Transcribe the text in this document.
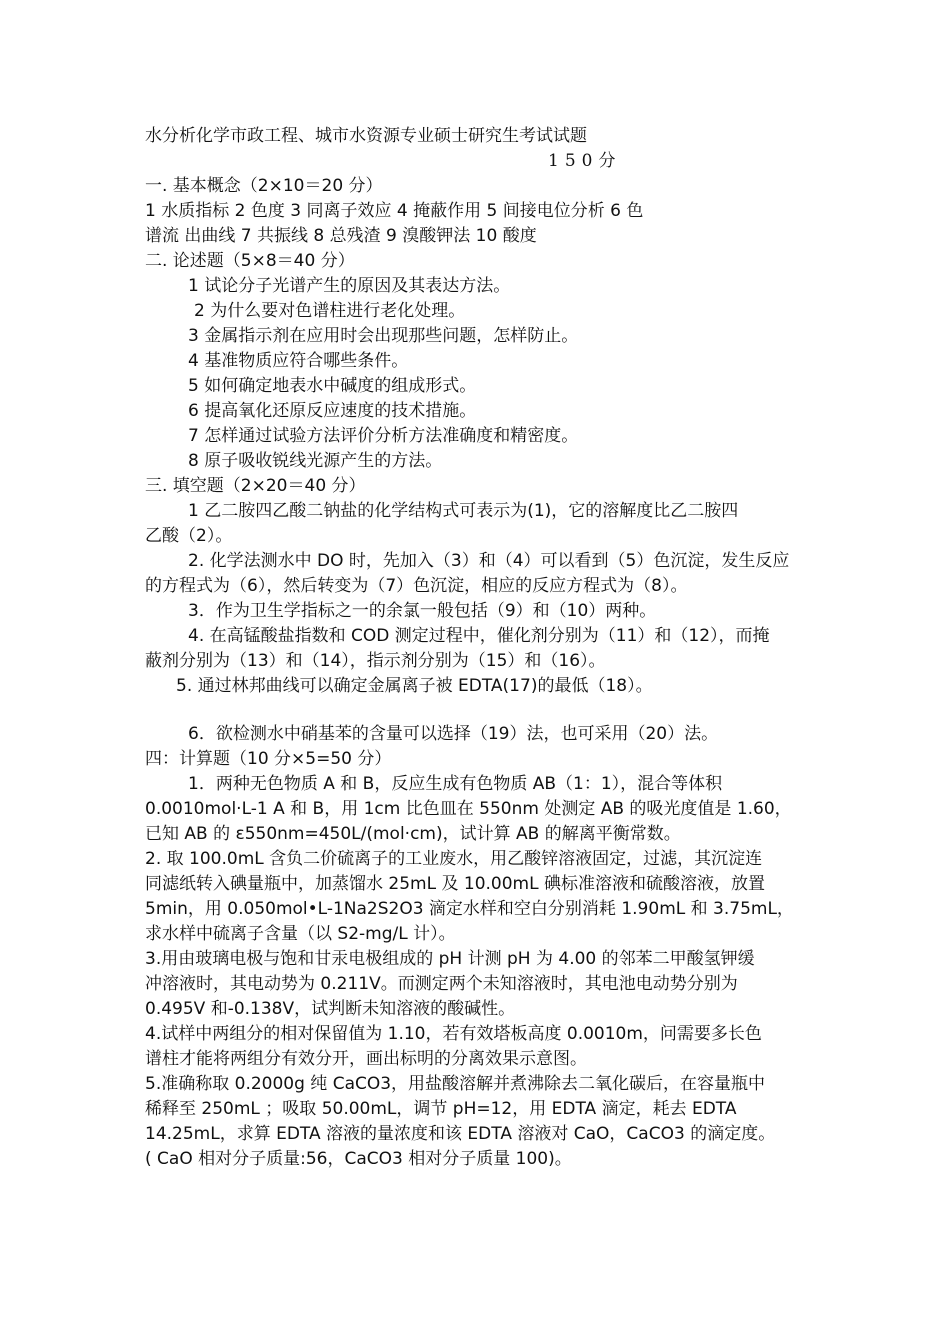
水分析化学市政工程、城市水资源专业硕士研究生考试试题
150分
一. 基本概念（2×10＝20 分）
1 水质指标 2 色度 3 同离子效应 4 掩蔽作用 5 间接电位分析 6 色
谱流 出曲线 7 共振线 8 总残渣 9 溴酸钾法 10 酸度
二. 论述题（5×8＝40 分）
1 试论分子光谱产生的原因及其表达方法。
2 为什么要对色谱柱进行老化处理。
3 金属指示剂在应用时会出现那些问题，怎样防止。
4 基准物质应符合哪些条件。
5 如何确定地表水中碱度的组成形式。
6 提高氧化还原反应速度的技术措施。
7 怎样通过试验方法评价分析方法准确度和精密度。
8 原子吸收锐线光源产生的方法。
三. 填空题（2×20＝40 分）
1 乙二胺四乙酸二钠盐的化学结构式可表示为(1)，它的溶解度比乙二胺四
乙酸（2）。
2. 化学法测水中 DO 时，先加入（3）和（4）可以看到（5）色沉淀，发生反应
的方程式为（6），然后转变为（7）色沉淀，相应的反应方程式为（8）。
3．作为卫生学指标之一的余氯一般包括（9）和（10）两种。
4. 在高锰酸盐指数和 COD 测定过程中，催化剂分别为（11）和（12），而掩
蔽剂分别为（13）和（14），指示剂分别为（15）和（16）。
5. 通过林邦曲线可以确定金属离子被 EDTA(17)的最低（18）。
6．欲检测水中硝基苯的含量可以选择（19）法，也可采用（20）法。
四：计算题（10 分×5=50 分）
1．两种无色物质 A 和 B，反应生成有色物质 AB（1：1），混合等体积
0.0010mol·L-1 A 和 B，用 1cm 比色皿在 550nm 处测定 AB 的吸光度值是 1.60，
已知 AB 的 ε550nm=450L/(mol·cm)，试计算 AB 的解离平衡常数。
2. 取 100.0mL 含负二价硫离子的工业废水，用乙酸锌溶液固定，过滤，其沉淀连
同滤纸转入碘量瓶中，加蒸馏水 25mL 及 10.00mL 碘标准溶液和硫酸溶液，放置
5min，用 0.050mol•L-1Na2S2O3 滴定水样和空白分别消耗 1.90mL 和 3.75mL，
求水样中硫离子含量（以 S2-mg/L 计）。
3.用由玻璃电极与饱和甘汞电极组成的 pH 计测 pH 为 4.00 的邻苯二甲酸氢钾缓
冲溶液时，其电动势为 0.211V。而测定两个未知溶液时，其电池电动势分别为
0.495V 和-0.138V，试判断未知溶液的酸碱性。
4.试样中两组分的相对保留值为 1.10，若有效塔板高度 0.0010m，问需要多长色
谱柱才能将两组分有效分开，画出标明的分离效果示意图。
5.准确称取 0.2000g 纯 CaCO3，用盐酸溶解并煮沸除去二氧化碳后，在容量瓶中
稀释至 250mL ；吸取 50.00mL，调节 pH=12，用 EDTA 滴定，耗去 EDTA
14.25mL，求算 EDTA 溶液的量浓度和该 EDTA 溶液对 CaO，CaCO3 的滴定度。
( CaO 相对分子质量:56，CaCO3 相对分子质量 100)。
